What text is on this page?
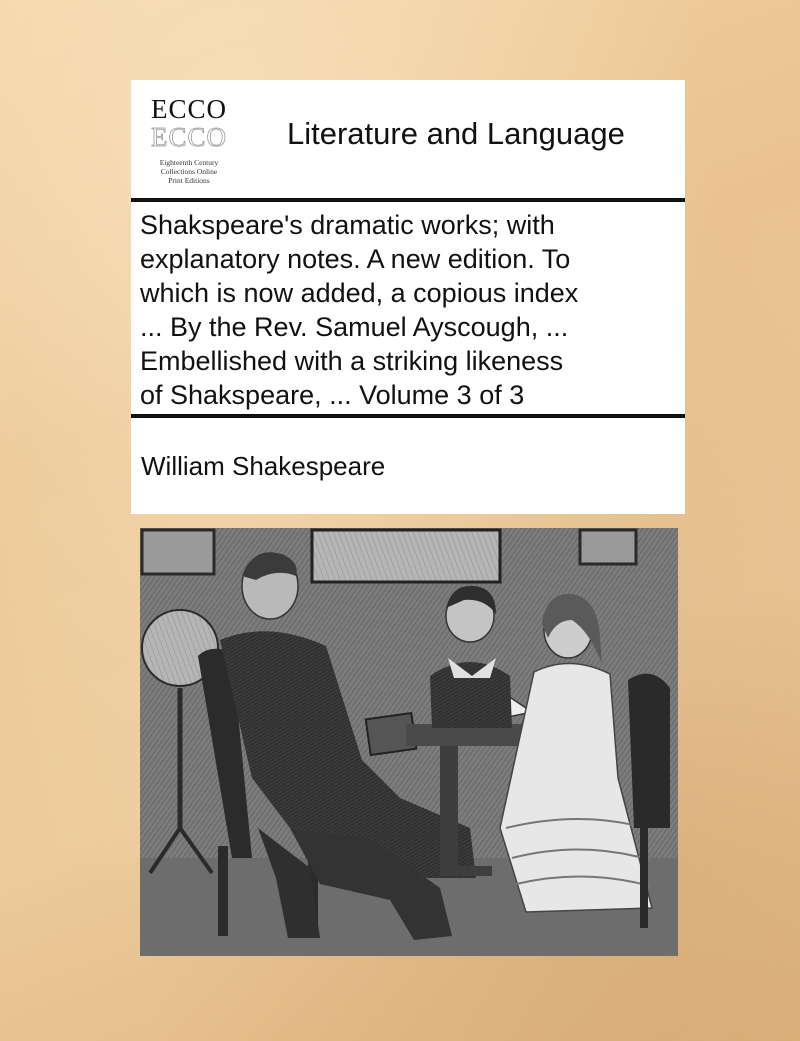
ECCO
ECCO
Eighteenth Century
Collections Online
Print Editions
Literature and Language
Shakspeare's dramatic works; with
explanatory notes. A new edition. To
which is now added, a copious index
... By the Rev. Samuel Ayscough, ...
Embellished with a striking likeness
of Shakspeare, ... Volume 3 of 3
William Shakespeare
